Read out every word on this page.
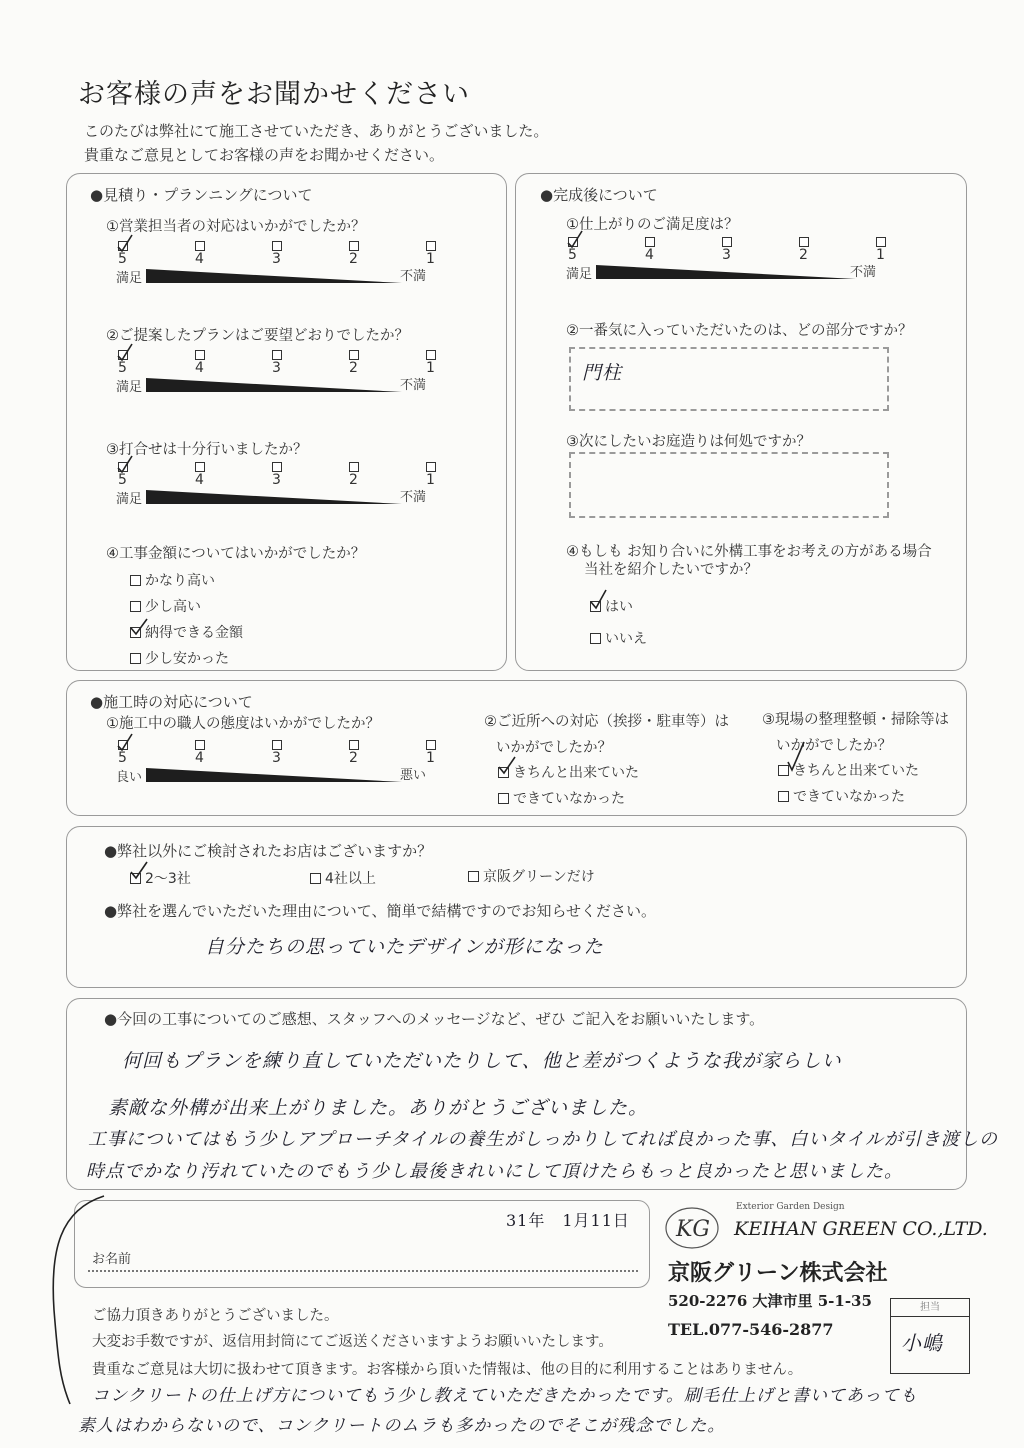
お客様の声をお聞かせください
このたびは弊社にて施工させていただき、ありがとうございました。
貴重なご意見としてお客様の声をお聞かせください。
●見積り・プランニングについて
①営業担当者の対応はいかがでしたか？
5	4	3	2	1
満足	不満
②ご提案したプランはご要望どおりでしたか？
5	4	3	2	1
満足	不満
③打合せは十分行いましたか？
5	4	3	2	1
満足	不満
④工事金額についてはいかがでしたか？
かなり高い
少し高い
納得できる金額
少し安かった
●完成後について
①仕上がりのご満足度は？
5	4	3	2	1
満足	不満
②一番気に入っていただいたのは、どの部分ですか？
門柱
③次にしたいお庭造りは何処ですか？
④もしも お知り合いに外構工事をお考えの方がある場合
当社を紹介したいですか？
はい
いいえ
●施工時の対応について
①施工中の職人の態度はいかがでしたか？
5	4	3	2	1
良い	悪い
②ご近所への対応（挨拶・駐車等）は
いかがでしたか？
きちんと出来ていた
できていなかった
③現場の整理整頓・掃除等は
いかがでしたか？
きちんと出来ていた
できていなかった
●弊社以外にご検討されたお店はございますか？
2～3社	4社以上	京阪グリーンだけ
●弊社を選んでいただいた理由について、簡単で結構ですのでお知らせください。
自分たちの思っていたデザインが形になった
●今回の工事についてのご感想、スタッフへのメッセージなど、ぜひ ご記入をお願いいたします。
何回もプランを練り直していただいたりして、他と差がつくような我が家らしい
素敵な外構が出来上がりました。ありがとうございました。
工事についてはもう少しアプローチタイルの養生がしっかりしてれば良かった事、白いタイルが引き渡しの
時点でかなり汚れていたのでもう少し最後きれいにして頂けたらもっと良かったと思いました。
31年　1月11日
お名前
KG
Exterior Garden Design
KEIHAN GREEN CO.,LTD.
京阪グリーン株式会社
520-2276 大津市里 5-1-35
TEL.077-546-2877
担当
小嶋
ご協力頂きありがとうございました。
大変お手数ですが、返信用封筒にてご返送くださいますようお願いいたします。
貴重なご意見は大切に扱わせて頂きます。お客様から頂いた情報は、他の目的に利用することはありません。
コンクリートの仕上げ方についてもう少し教えていただきたかったです。刷毛仕上げと書いてあっても
素人はわからないので、コンクリートのムラも多かったのでそこが残念でした。
